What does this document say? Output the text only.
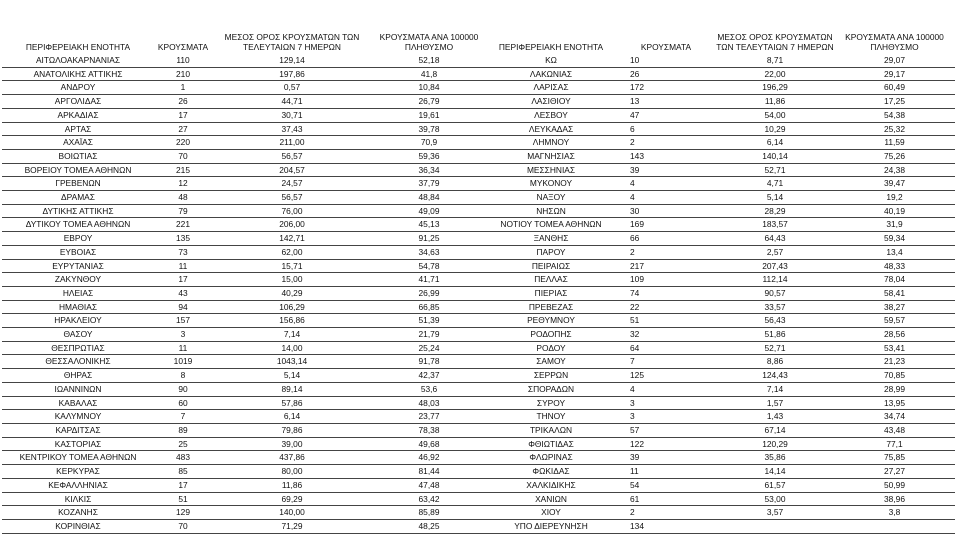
ΠΕΡΙΦΕΡΕΙΑΚΗ ΕΝΟΤΗΤΑ	ΚΡΟΥΣΜΑΤΑ	ΜΕΣΟΣ ΟΡΟΣ ΚΡΟΥΣΜΑΤΩΝ ΤΩΝ ΤΕΛΕΥΤΑΙΩΝ 7 ΗΜΕΡΩΝ	ΚΡΟΥΣΜΑΤΑ ΑΝΑ 100000 ΠΛΗΘΥΣΜΟ
ΑΙΤΩΛΟΑΚΑΡΝΑΝΙΑΣ	110	129,14	52,18
ΑΝΑΤΟΛΙΚΗΣ ΑΤΤΙΚΗΣ	210	197,86	41,8
ΑΝΔΡΟΥ	1	0,57	10,84
ΑΡΓΟΛΙΔΑΣ	26	44,71	26,79
ΑΡΚΑΔΙΑΣ	17	30,71	19,61
ΑΡΤΑΣ	27	37,43	39,78
ΑΧΑΪΑΣ	220	211,00	70,9
ΒΟΙΩΤΙΑΣ	70	56,57	59,36
ΒΟΡΕΙΟΥ ΤΟΜΕΑ ΑΘΗΝΩΝ	215	204,57	36,34
ΓΡΕΒΕΝΩΝ	12	24,57	37,79
ΔΡΑΜΑΣ	48	56,57	48,84
ΔΥΤΙΚΗΣ ΑΤΤΙΚΗΣ	79	76,00	49,09
ΔΥΤΙΚΟΥ ΤΟΜΕΑ ΑΘΗΝΩΝ	221	206,00	45,13
ΕΒΡΟΥ	135	142,71	91,25
ΕΥΒΟΙΑΣ	73	62,00	34,63
ΕΥΡΥΤΑΝΙΑΣ	11	15,71	54,78
ΖΑΚΥΝΘΟΥ	17	15,00	41,71
ΗΛΕΙΑΣ	43	40,29	26,99
ΗΜΑΘΙΑΣ	94	106,29	66,85
ΗΡΑΚΛΕΙΟΥ	157	156,86	51,39
ΘΑΣΟΥ	3	7,14	21,79
ΘΕΣΠΡΩΤΙΑΣ	11	14,00	25,24
ΘΕΣΣΑΛΟΝΙΚΗΣ	1019	1043,14	91,78
ΘΗΡΑΣ	8	5,14	42,37
ΙΩΑΝΝΙΝΩΝ	90	89,14	53,6
ΚΑΒΑΛΑΣ	60	57,86	48,03
ΚΑΛΥΜΝΟΥ	7	6,14	23,77
ΚΑΡΔΙΤΣΑΣ	89	79,86	78,38
ΚΑΣΤΟΡΙΑΣ	25	39,00	49,68
ΚΕΝΤΡΙΚΟΥ ΤΟΜΕΑ ΑΘΗΝΩΝ	483	437,86	46,92
ΚΕΡΚΥΡΑΣ	85	80,00	81,44
ΚΕΦΑΛΛΗΝΙΑΣ	17	11,86	47,48
ΚΙΛΚΙΣ	51	69,29	63,42
ΚΟΖΑΝΗΣ	129	140,00	85,89
ΚΟΡΙΝΘΙΑΣ	70	71,29	48,25
ΠΕΡΙΦΕΡΕΙΑΚΗ ΕΝΟΤΗΤΑ	ΚΡΟΥΣΜΑΤΑ	ΜΕΣΟΣ ΟΡΟΣ ΚΡΟΥΣΜΑΤΩΝ ΤΩΝ ΤΕΛΕΥΤΑΙΩΝ 7 ΗΜΕΡΩΝ	ΚΡΟΥΣΜΑΤΑ ΑΝΑ 100000 ΠΛΗΘΥΣΜΟ
ΚΩ	10	8,71	29,07
ΛΑΚΩΝΙΑΣ	26	22,00	29,17
ΛΑΡΙΣΑΣ	172	196,29	60,49
ΛΑΣΙΘΙΟΥ	13	11,86	17,25
ΛΕΣΒΟΥ	47	54,00	54,38
ΛΕΥΚΑΔΑΣ	6	10,29	25,32
ΛΗΜΝΟΥ	2	6,14	11,59
ΜΑΓΝΗΣΙΑΣ	143	140,14	75,26
ΜΕΣΣΗΝΙΑΣ	39	52,71	24,38
ΜΥΚΟΝΟΥ	4	4,71	39,47
ΝΑΞΟΥ	4	5,14	19,2
ΝΗΣΩΝ	30	28,29	40,19
ΝΟΤΙΟΥ ΤΟΜΕΑ ΑΘΗΝΩΝ	169	183,57	31,9
ΞΑΝΘΗΣ	66	64,43	59,34
ΠΑΡΟΥ	2	2,57	13,4
ΠΕΙΡΑΙΩΣ	217	207,43	48,33
ΠΕΛΛΑΣ	109	112,14	78,04
ΠΙΕΡΙΑΣ	74	90,57	58,41
ΠΡΕΒΕΖΑΣ	22	33,57	38,27
ΡΕΘΥΜΝΟΥ	51	56,43	59,57
ΡΟΔΟΠΗΣ	32	51,86	28,56
ΡΟΔΟΥ	64	52,71	53,41
ΣΑΜΟΥ	7	8,86	21,23
ΣΕΡΡΩΝ	125	124,43	70,85
ΣΠΟΡΑΔΩΝ	4	7,14	28,99
ΣΥΡΟΥ	3	1,57	13,95
ΤΗΝΟΥ	3	1,43	34,74
ΤΡΙΚΑΛΩΝ	57	67,14	43,48
ΦΘΙΩΤΙΔΑΣ	122	120,29	77,1
ΦΛΩΡΙΝΑΣ	39	35,86	75,85
ΦΩΚΙΔΑΣ	11	14,14	27,27
ΧΑΛΚΙΔΙΚΗΣ	54	61,57	50,99
ΧΑΝΙΩΝ	61	53,00	38,96
ΧΙΟΥ	2	3,57	3,8
ΥΠΟ ΔΙΕΡΕΥΝΗΣΗ	134		
